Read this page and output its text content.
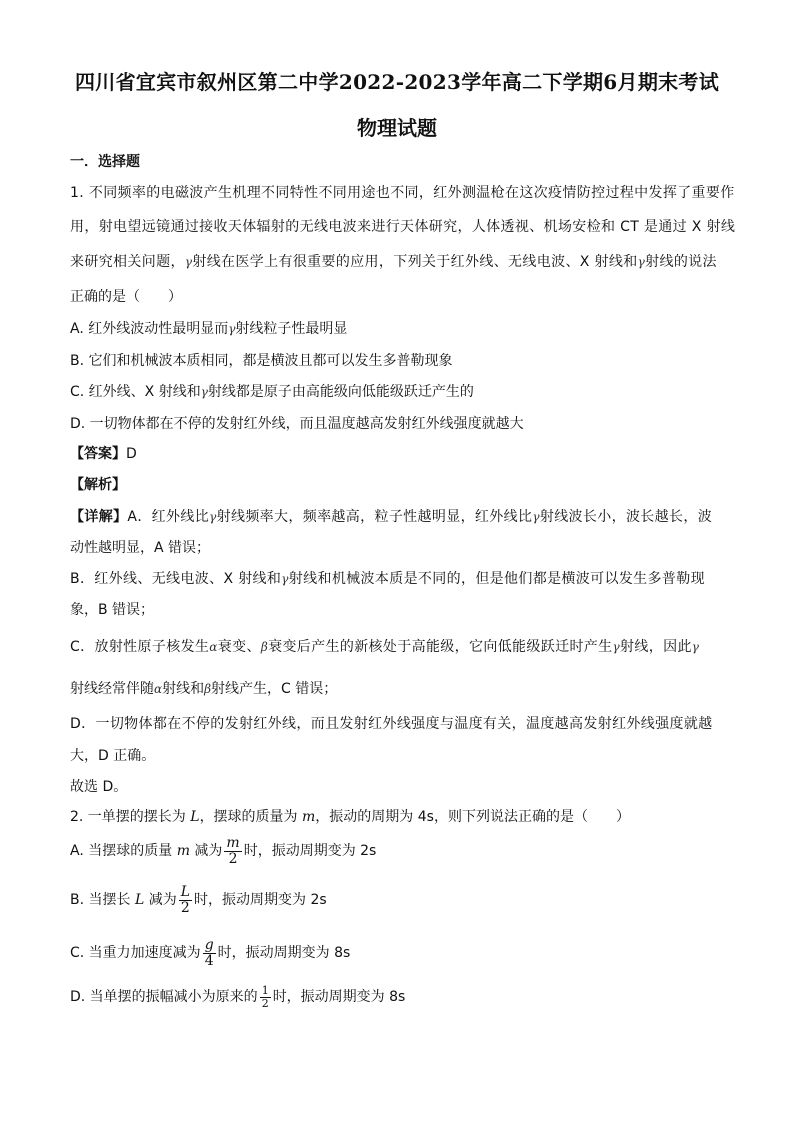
四川省宜宾市叙州区第二中学2022-2023学年高二下学期6月期末考试
物理试题
一．选择题
1. 不同频率的电磁波产生机理不同特性不同用途也不同，红外测温枪在这次疫情防控过程中发挥了重要作
用，射电望远镜通过接收天体辐射的无线电波来进行天体研究，人体透视、机场安检和 CT 是通过 X 射线
来研究相关问题，γ射线在医学上有很重要的应用，下列关于红外线、无线电波、X 射线和γ射线的说法
正确的是（　　）
A. 红外线波动性最明显而γ射线粒子性最明显
B. 它们和机械波本质相同，都是横波且都可以发生多普勒现象
C. 红外线、X 射线和γ射线都是原子由高能级向低能级跃迁产生的
D. 一切物体都在不停的发射红外线，而且温度越高发射红外线强度就越大
【答案】D
【解析】
【详解】A．红外线比γ射线频率大，频率越高，粒子性越明显，红外线比γ射线波长小，波长越长，波
动性越明显，A 错误；
B．红外线、无线电波、X 射线和γ射线和机械波本质是不同的，但是他们都是横波可以发生多普勒现
象，B 错误；
C．放射性原子核发生α衰变、β衰变后产生的新核处于高能级，它向低能级跃迁时产生γ射线，因此γ
射线经常伴随α射线和β射线产生，C 错误；
D．一切物体都在不停的发射红外线，而且发射红外线强度与温度有关，温度越高发射红外线强度就越
大，D 正确。
故选 D。
2. 一单摆的摆长为 L，摆球的质量为 m，振动的周期为 4s，则下列说法正确的是（　　）
A. 当摆球的质量 m 减为 $\frac{m}{2}$ 时，振动周期变为 2s
B. 当摆长 L 减为 $\frac{L}{2}$ 时，振动周期变为 2s
C. 当重力加速度减为 $\frac{g}{4}$ 时，振动周期变为 8s
D. 当单摆的振幅减小为原来的 $\frac{1}{2}$ 时，振动周期变为 8s
